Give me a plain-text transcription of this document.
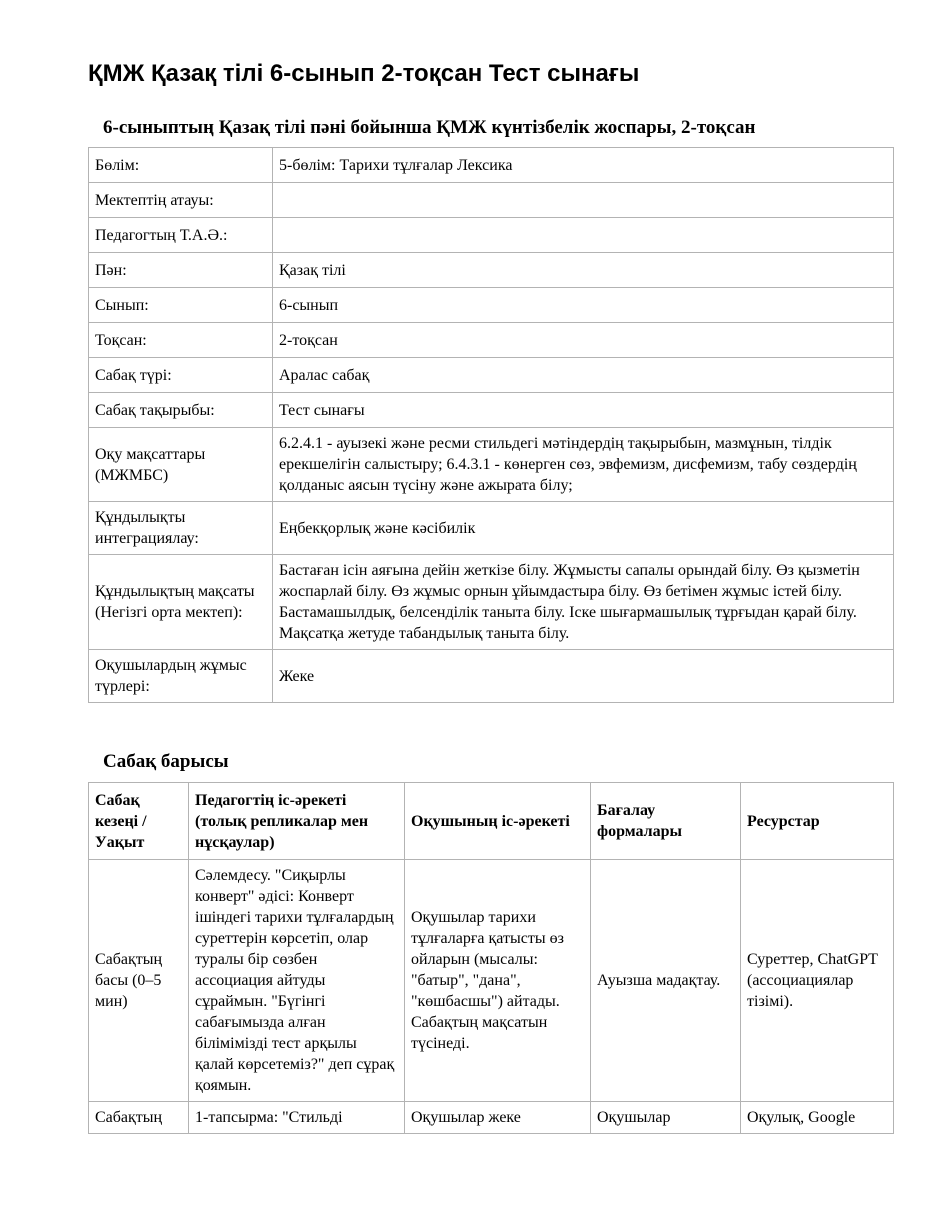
ҚМЖ Қазақ тілі 6-сынып 2-тоқсан Тест сынағы
6-сыныптың Қазақ тілі пәні бойынша ҚМЖ күнтізбелік жоспары, 2-тоқсан
Бөлім:	5-бөлім: Тарихи тұлғалар Лексика
Мектептің атауы:	
Педагогтың Т.А.Ә.:	
Пән:	Қазақ тілі
Сынып:	6-сынып
Тоқсан:	2-тоқсан
Сабақ түрі:	Аралас сабақ
Сабақ тақырыбы:	Тест сынағы
Оқу мақсаттары (МЖМБС)	6.2.4.1 - ауызекі және ресми стильдегі мәтіндердің тақырыбын, мазмұнын, тілдік ерекшелігін салыстыру; 6.4.3.1 - көнерген сөз, эвфемизм, дисфемизм, табу сөздердің қолданыс аясын түсіну және ажырата білу;
Құндылықты интеграциялау:	Еңбекқорлық және кәсібилік
Құндылықтың мақсаты (Негізгі орта мектеп):	Бастаған ісін аяғына дейін жеткізе білу. Жұмысты сапалы орындай білу. Өз қызметін жоспарлай білу. Өз жұмыс орнын ұйымдастыра білу. Өз бетімен жұмыс істей білу. Бастамашылдық, белсенділік таныта білу. Іске шығармашылық тұрғыдан қарай білу. Мақсатқа жетуде табандылық таныта білу.
Оқушылардың жұмыс түрлері:	Жеке
Сабақ барысы
Сабақ кезеңі / Уақыт	Педагогтің іс-әрекеті (толық репликалар мен нұсқаулар)	Оқушының іс-әрекеті	Бағалау формалары	Ресурстар
Сабақтың басы (0–5 мин)	Сәлемдесу. "Сиқырлы конверт" әдісі: Конверт ішіндегі тарихи тұлғалардың суреттерін көрсетіп, олар туралы бір сөзбен ассоциация айтуды сұраймын. "Бүгінгі сабағымызда алған білімімізді тест арқылы қалай көрсетеміз?" деп сұрақ қоямын.	Оқушылар тарихи тұлғаларға қатысты өз ойларын (мысалы: "батыр", "дана", "көшбасшы") айтады. Сабақтың мақсатын түсінеді.	Ауызша мадақтау.	Суреттер, ChatGPT (ассоциациялар тізімі).
Сабақтың	1-тапсырма: "Стильді	Оқушылар жеке	Оқушылар	Оқулық, Google
